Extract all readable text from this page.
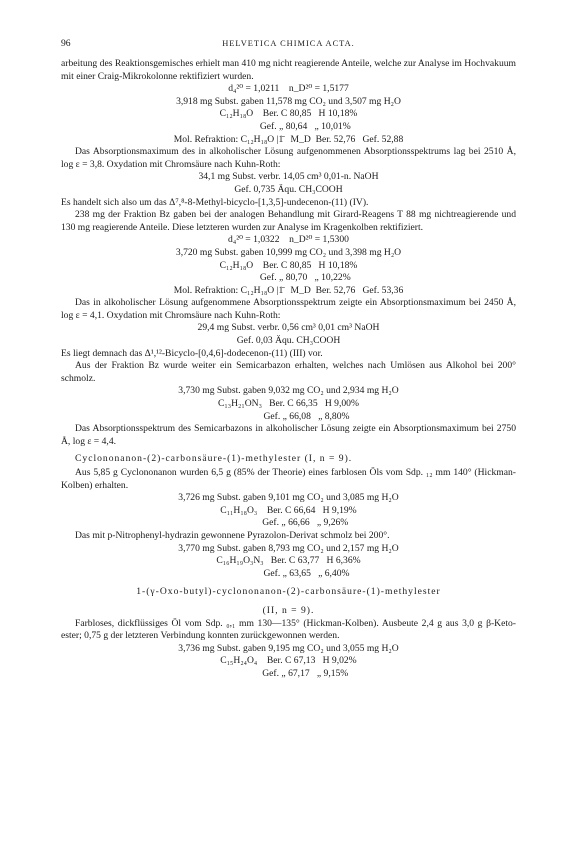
96	HELVETICA CHIMICA ACTA.
arbeitung des Reaktionsgemisches erhielt man 410 mg nicht reagierende Anteile, welche zur Analyse im Hochvakuum mit einer Craig-Mikrokolonne rektifiziert wurden.
d₄²⁰ = 1,0211    n_D²⁰ = 1,5177
3,918 mg Subst. gaben 11,578 mg CO₂ und 3,507 mg H₂O
C₁₂H₁₈O    Ber. C 80,85   H 10,18%
Gef. „ 80,64   „ 10,01%
Mol. Refraktion: C₁₂H₁₈O |1̄   M_D  Ber. 52,76   Gef. 52,88
Das Absorptionsmaximum des in alkoholischer Lösung aufgenommenen Absorptionsspektrums lag bei 2510 Å, log ε = 3,8. Oxydation mit Chromsäure nach Kuhn-Roth:
34,1 mg Subst. verbr. 14,05 cm³ 0,01-n. NaOH
Gef. 0,735 Äqu. CH₃COOH
Es handelt sich also um das Δ⁷,⁸-8-Methyl-bicyclo-[1,3,5]-undecenon-(11) (IV).
238 mg der Fraktion Bz gaben bei der analogen Behandlung mit Girard-Reagens T 88 mg nichtreagierende und 130 mg reagierende Anteile. Diese letzteren wurden zur Analyse im Kragenkolben rektifiziert.
d₄²⁰ = 1,0322    n_D²⁰ = 1,5300
3,720 mg Subst. gaben 10,999 mg CO₂ und 3,398 mg H₂O
C₁₂H₁₈O    Ber. C 80,85   H 10,18%
Gef. „ 80,70   „ 10,22%
Mol. Refraktion: C₁₂H₁₈O |1̄   M_D  Ber. 52,76   Gef. 53,36
Das in alkoholischer Lösung aufgenommene Absorptionsspektrum zeigte ein Absorptionsmaximum bei 2450 Å, log ε = 4,1. Oxydation mit Chromsäure nach Kuhn-Roth:
29,4 mg Subst. verbr. 0,56 cm³ 0,01 cm³ NaOH
Gef. 0,03 Äqu. CH₃COOH
Es liegt demnach das Δ¹,¹²-Bicyclo-[0,4,6]-dodecenon-(11) (III) vor.
Aus der Fraktion Bz wurde weiter ein Semicarbazon erhalten, welches nach Umlösen aus Alkohol bei 200° schmolz.
3,730 mg Subst. gaben 9,032 mg CO₂ und 2,934 mg H₂O
C₁₃H₂₁ON₃   Ber. C 66,35   H 9,00%
Gef. „ 66,08   „ 8,80%
Das Absorptionsspektrum des Semicarbazons in alkoholischer Lösung zeigte ein Absorptionsmaximum bei 2750 Å, log ε = 4,4.
Cyclononanon-(2)-carbonsäure-(1)-methylester (I, n = 9).
Aus 5,85 g Cyclononanon wurden 6,5 g (85% der Theorie) eines farblosen Öls vom Sdp. ₁₂ mm 140° (Hickman-Kolben) erhalten.
3,726 mg Subst. gaben 9,101 mg CO₂ und 3,085 mg H₂O
C₁₁H₁₈O₃    Ber. C 66,64   H 9,19%
Gef. „ 66,66   „ 9,26%
Das mit p-Nitrophenyl-hydrazin gewonnene Pyrazolon-Derivat schmolz bei 200°.
3,770 mg Subst. gaben 8,793 mg CO₂ und 2,157 mg H₂O
C₁₆H₁₉O₃N₃   Ber. C 63,77   H 6,36%
Gef. „ 63,65   „ 6,40%
1-(γ-Oxo-butyl)-cyclononanon-(2)-carbonsäure-(1)-methylester
(II, n = 9).
Farbloses, dickflüssiges Öl vom Sdp. ₀,₁ mm 130—135° (Hickman-Kolben). Ausbeute 2,4 g aus 3,0 g β-Keto-ester; 0,75 g der letzteren Verbindung konnten zurückgewonnen werden.
3,736 mg Subst. gaben 9,195 mg CO₂ und 3,055 mg H₂O
C₁₅H₂₄O₄    Ber. C 67,13   H 9,02%
Gef. „ 67,17   „ 9,15%
